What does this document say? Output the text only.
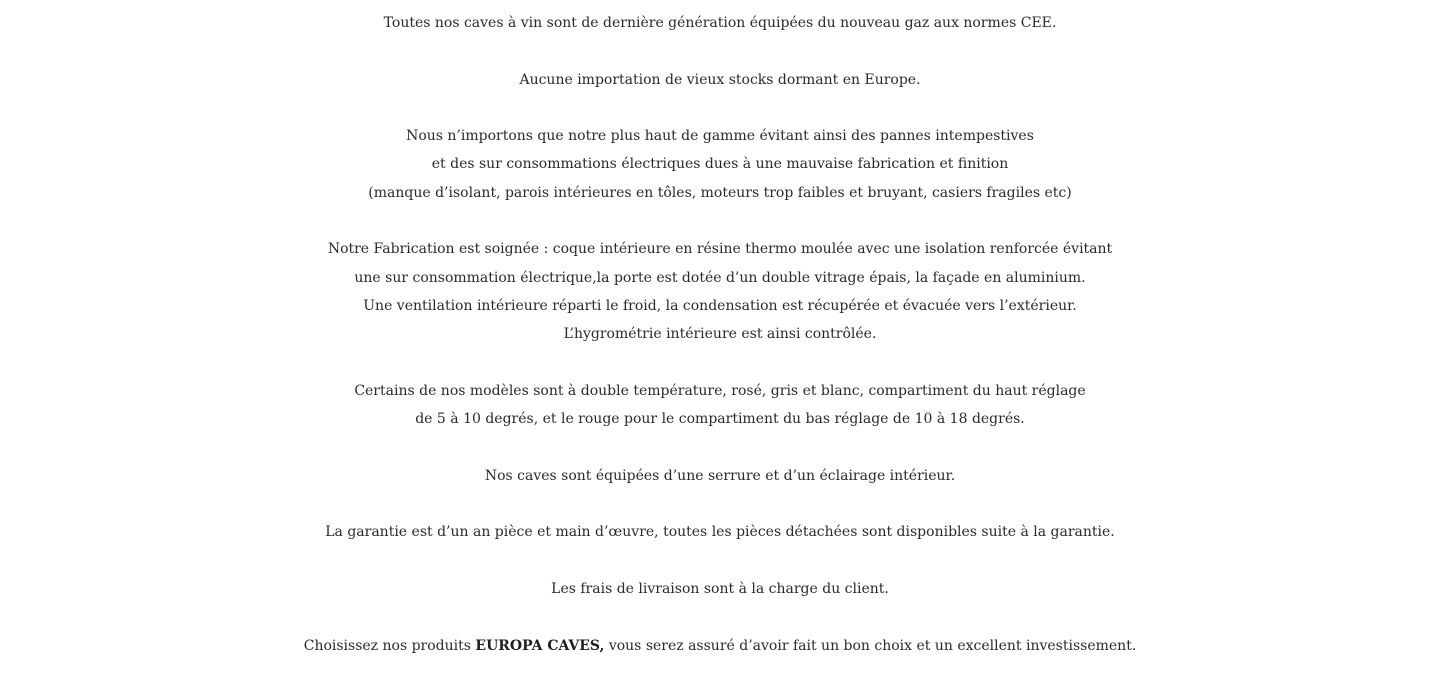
Toutes nos caves à vin sont de dernière génération équipées du nouveau gaz aux normes CEE.

Aucune importation de vieux stocks dormant en Europe.

Nous n’importons que notre plus haut de gamme évitant ainsi des pannes intempestives
et des sur consommations électriques dues à une mauvaise fabrication et finition
(manque d’isolant, parois intérieures en tôles, moteurs trop faibles et bruyant, casiers fragiles etc)

Notre Fabrication est soignée : coque intérieure en résine thermo moulée avec une isolation renforcée évitant
une sur consommation électrique,la porte est dotée d’un double vitrage épais, la façade en aluminium.
Une ventilation intérieure réparti le froid, la condensation est récupérée et évacuée vers l’extérieur.
L’hygrométrie intérieure est ainsi contrôlée.

Certains de nos modèles sont à double température, rosé, gris et blanc, compartiment du haut réglage
de 5 à 10 degrés, et le rouge pour le compartiment du bas réglage de 10 à 18 degrés.

Nos caves sont équipées d’une serrure et d’un éclairage intérieur.

La garantie est d’un an pièce et main d’œuvre, toutes les pièces détachées sont disponibles suite à la garantie.

Les frais de livraison sont à la charge du client.

Choisissez nos produits EUROPA CAVES, vous serez assuré d’avoir fait un bon choix et un excellent investissement.
